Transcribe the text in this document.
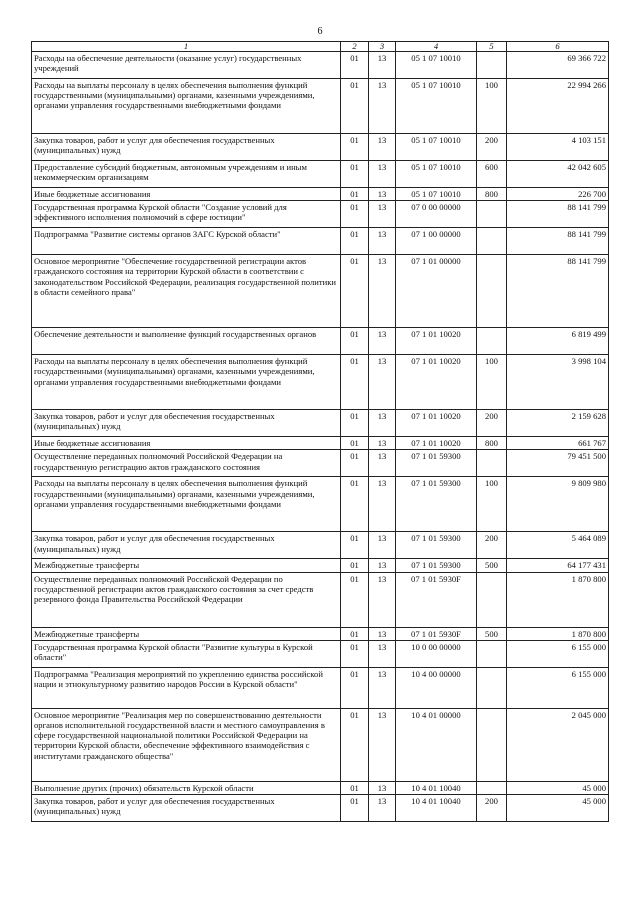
6
1	2	3	4	5	6
Расходы на обеспечение деятельности (оказание услуг) государственных учреждений	01	13	05 1 07 10010		69 366 722
Расходы на выплаты персоналу в целях обеспечения выполнения функций государственными (муниципальными) органами, казенными учреждениями, органами управления государственными внебюджетными фондами	01	13	05 1 07 10010	100	22 994 266
Закупка товаров, работ и услуг для обеспечения государственных (муниципальных) нужд	01	13	05 1 07 10010	200	4 103 151
Предоставление субсидий бюджетным, автономным учреждениям и иным некоммерческим организациям	01	13	05 1 07 10010	600	42 042 605
Иные бюджетные ассигнования	01	13	05 1 07 10010	800	226 700
Государственная программа Курской области "Создание условий для эффективного исполнения полномочий в сфере юстиции"	01	13	07 0 00 00000		88 141 799
Подпрограмма "Развитие системы органов ЗАГС Курской области"	01	13	07 1 00 00000		88 141 799
Основное мероприятие "Обеспечение государственной регистрации актов гражданского состояния на территории Курской области в соответствии с законодательством Российской Федерации, реализация государственной политики в области семейного права"	01	13	07 1 01 00000		88 141 799
Обеспечение деятельности и выполнение функций государственных органов	01	13	07 1 01 10020		6 819 499
Расходы на выплаты персоналу в целях обеспечения выполнения функций государственными (муниципальными) органами, казенными учреждениями, органами управления государственными внебюджетными фондами	01	13	07 1 01 10020	100	3 998 104
Закупка товаров, работ и услуг для обеспечения государственных (муниципальных) нужд	01	13	07 1 01 10020	200	2 159 628
Иные бюджетные ассигнования	01	13	07 1 01 10020	800	661 767
Осуществление переданных полномочий Российской Федерации на государственную регистрацию актов гражданского состояния	01	13	07 1 01 59300		79 451 500
Расходы на выплаты персоналу в целях обеспечения выполнения функций государственными (муниципальными) органами, казенными учреждениями, органами управления государственными внебюджетными фондами	01	13	07 1 01 59300	100	9 809 980
Закупка товаров, работ и услуг для обеспечения государственных (муниципальных) нужд	01	13	07 1 01 59300	200	5 464 089
Межбюджетные трансферты	01	13	07 1 01 59300	500	64 177 431
Осуществление переданных полномочий Российской Федерации по государственной регистрации актов гражданского состояния за счет средств резервного фонда Правительства Российской Федерации	01	13	07 1 01 5930F		1 870 800
Межбюджетные трансферты	01	13	07 1 01 5930F	500	1 870 800
Государственная программа Курской области "Развитие культуры в Курской области"	01	13	10 0 00 00000		6 155 000
Подпрограмма "Реализация мероприятий по укреплению единства российской нации и этнокультурному развитию народов России в Курской области"	01	13	10 4 00 00000		6 155 000
Основное мероприятие "Реализация мер по совершенствованию деятельности органов исполнительной государственной власти и местного самоуправления в сфере государственной национальной политики Российской Федерации на территории Курской области, обеспечение эффективного взаимодействия с институтами гражданского общества"	01	13	10 4 01 00000		2 045 000
Выполнение других (прочих) обязательств Курской области	01	13	10 4 01 10040		45 000
Закупка товаров, работ и услуг для обеспечения государственных (муниципальных) нужд	01	13	10 4 01 10040	200	45 000
